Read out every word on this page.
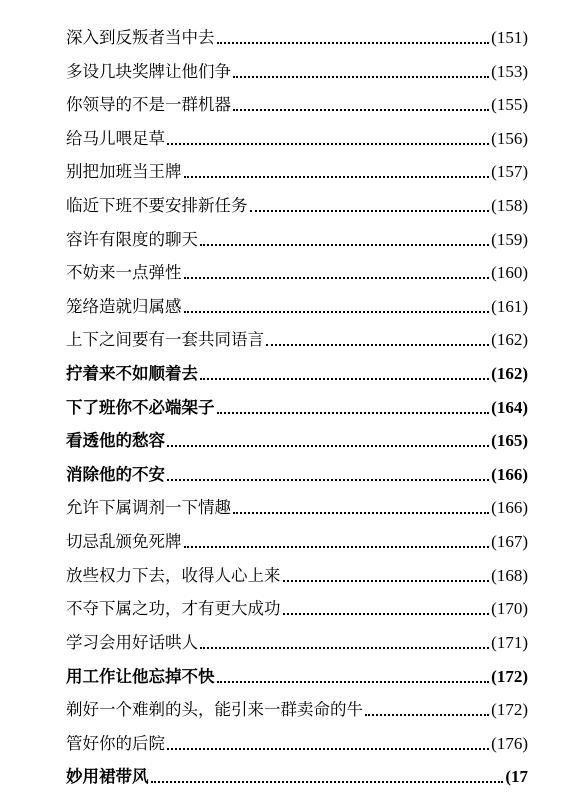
深入到反叛者当中去	(151)
多设几块奖牌让他们争	(153)
你领导的不是一群机器	(155)
给马儿喂足草	(156)
别把加班当王牌	(157)
临近下班不要安排新任务	(158)
容许有限度的聊天	(159)
不妨来一点弹性	(160)
笼络造就归属感	(161)
上下之间要有一套共同语言	(162)
拧着来不如顺着去	(162)
下了班你不必端架子	(164)
看透他的愁容	(165)
消除他的不安	(166)
允许下属调剂一下情趣	(166)
切忌乱颁免死牌	(167)
放些权力下去，收得人心上来	(168)
不夺下属之功，才有更大成功	(170)
学习会用好话哄人	(171)
用工作让他忘掉不快	(172)
剃好一个难剃的头，能引来一群卖命的牛	(172)
管好你的后院	(176)
妙用裙带风	(17
